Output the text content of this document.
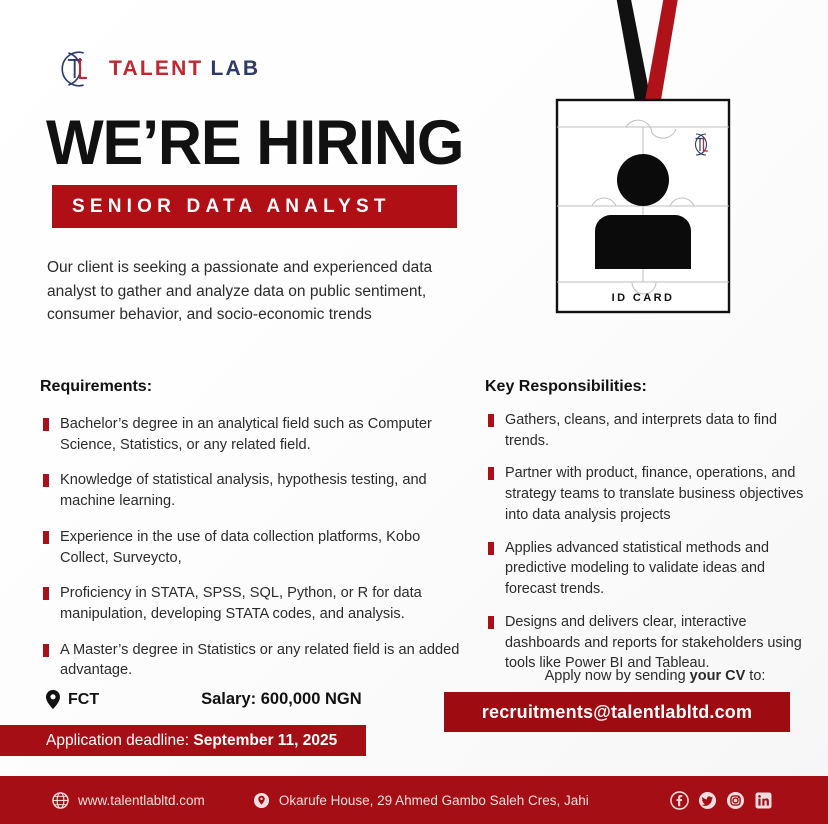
TALENT LAB
WE’RE HIRING
SENIOR DATA ANALYST
Our client is seeking a passionate and experienced data analyst to gather and analyze data on public sentiment, consumer behavior, and socio-economic trends
ID CARD
Requirements:
Bachelor’s degree in an analytical field such as Computer Science, Statistics, or any related field.
Knowledge of statistical analysis, hypothesis testing, and machine learning.
Experience in the use of data collection platforms, Kobo Collect, Surveycto,
Proficiency in STATA, SPSS, SQL, Python, or R for data manipulation, developing STATA codes, and analysis.
A Master’s degree in Statistics or any related field is an added advantage.
Key Responsibilities:
Gathers, cleans, and interprets data to find trends.
Partner with product, finance, operations, and strategy teams to translate business objectives into data analysis projects
Applies advanced statistical methods and predictive modeling to validate ideas and forecast trends.
Designs and delivers clear, interactive dashboards and reports for stakeholders using tools like Power BI and Tableau.
Apply now by sending your CV to:
recruitments@talentlabltd.com
FCT	Salary: 600,000 NGN
Application deadline: September 11, 2025
www.talentlabltd.com	Okarufe House, 29 Ahmed Gambo Saleh Cres, Jahi
